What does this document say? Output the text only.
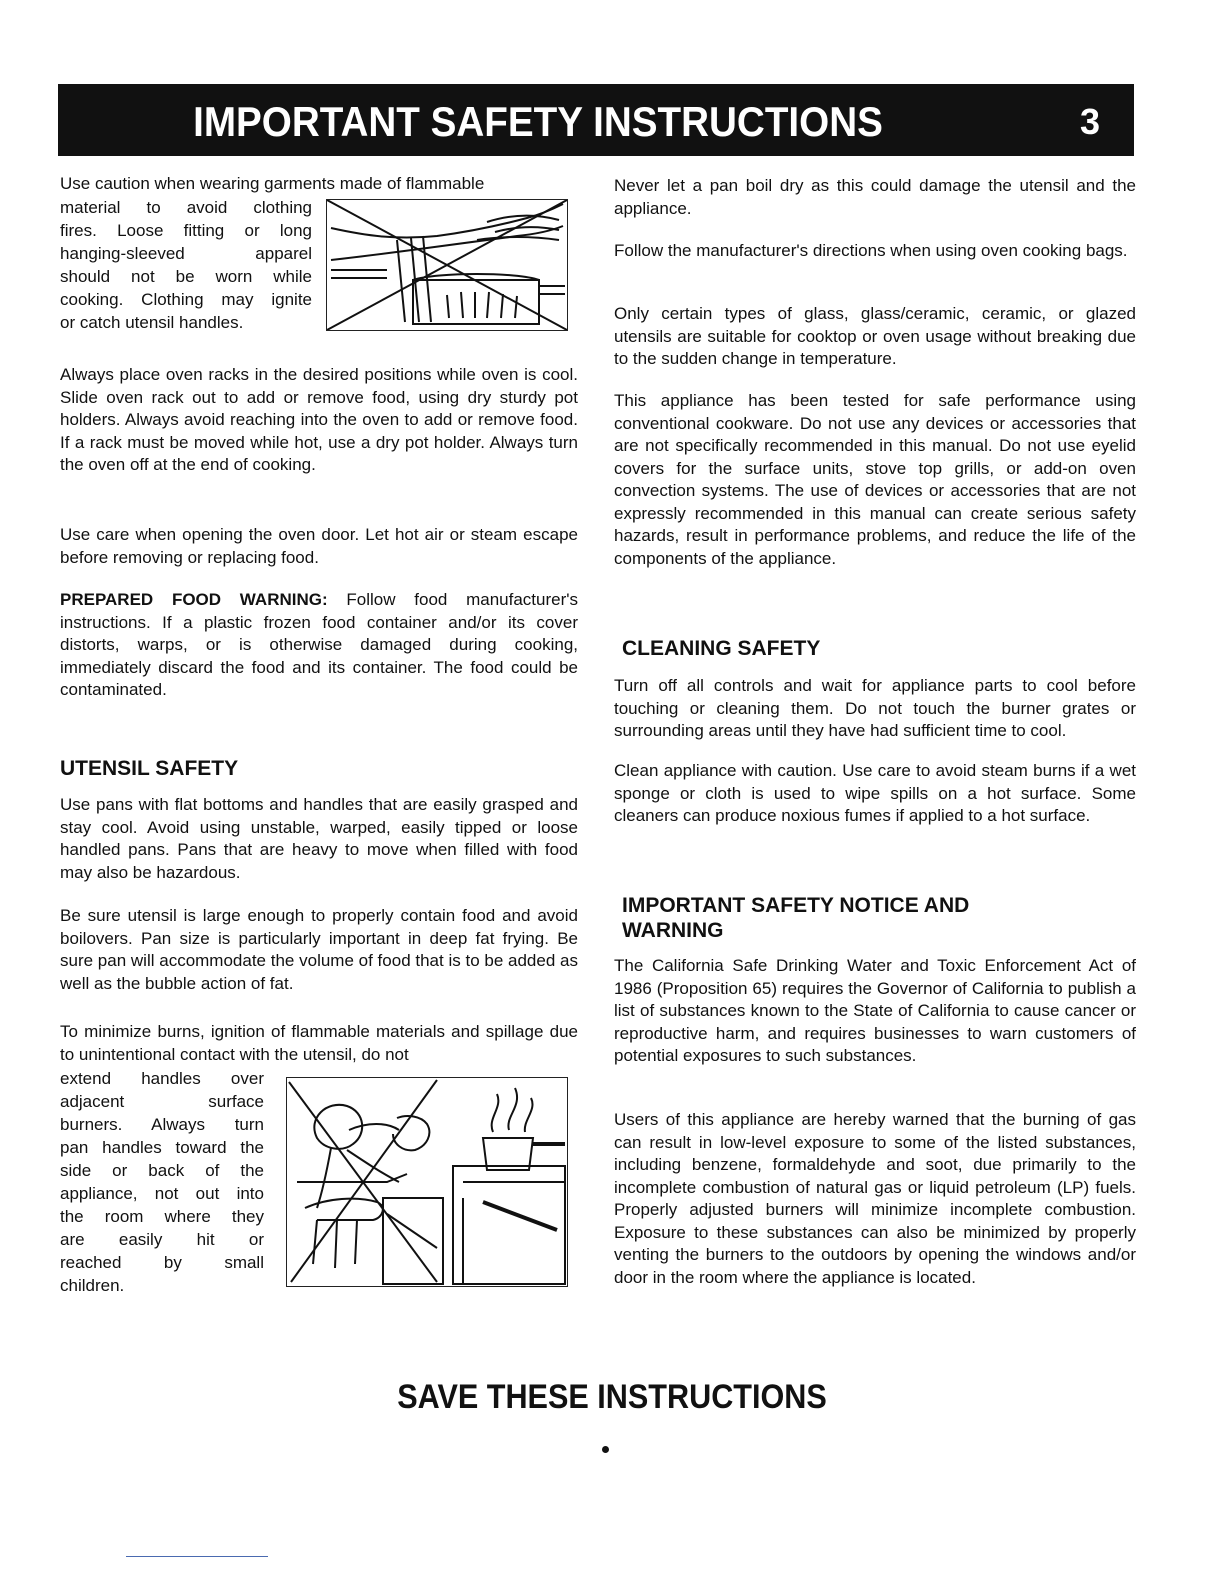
IMPORTANT SAFETY INSTRUCTIONS	3

Use caution when wearing garments made of flammable

material to avoid clothing

fires. Loose fitting or long

hanging-sleeved apparel

should not be worn while

cooking. Clothing may ignite

or catch utensil handles.

Always place oven racks in the desired positions while oven is cool. Slide oven rack out to add or remove food, using dry sturdy pot holders. Always avoid reaching into the oven to add or remove food. If a rack must be moved while hot, use a dry pot holder. Always turn the oven off at the end of cooking.

Use care when opening the oven door. Let hot air or steam escape before removing or replacing food.

PREPARED FOOD WARNING: Follow food manufacturer's instructions. If a plastic frozen food container and/or its cover distorts, warps, or is otherwise damaged during cooking, immediately discard the food and its container. The food could be contaminated.

UTENSIL SAFETY

Use pans with flat bottoms and handles that are easily grasped and stay cool. Avoid using unstable, warped, easily tipped or loose handled pans. Pans that are heavy to move when filled with food may also be hazardous.

Be sure utensil is large enough to properly contain food and avoid boilovers. Pan size is particularly important in deep fat frying. Be sure pan will accommodate the volume of food that is to be added as well as the bubble action of fat.

To minimize burns, ignition of flammable materials and spillage due to unintentional contact with the utensil, do not

extend handles over

adjacent surface

burners. Always turn

pan handles toward the

side or back of the

appliance, not out into

the room where they

are easily hit or

reached by small

children.

Never let a pan boil dry as this could damage the utensil and the appliance.

Follow the manufacturer's directions when using oven cooking bags.

Only certain types of glass, glass/ceramic, ceramic, or glazed utensils are suitable for cooktop or oven usage without breaking due to the sudden change in temperature.

This appliance has been tested for safe performance using conventional cookware. Do not use any devices or accessories that are not specifically recommended in this manual. Do not use eyelid covers for the surface units, stove top grills, or add-on oven convection systems. The use of devices or accessories that are not expressly recommended in this manual can create serious safety hazards, result in performance problems, and reduce the life of the components of the appliance.

CLEANING SAFETY

Turn off all controls and wait for appliance parts to cool before touching or cleaning them. Do not touch the burner grates or surrounding areas until they have had sufficient time to cool.

Clean appliance with caution. Use care to avoid steam burns if a wet sponge or cloth is used to wipe spills on a hot surface. Some cleaners can produce noxious fumes if applied to a hot surface.

IMPORTANT SAFETY NOTICE AND
WARNING

The California Safe Drinking Water and Toxic Enforcement Act of 1986 (Proposition 65) requires the Governor of California to publish a list of substances known to the State of California to cause cancer or reproductive harm, and requires businesses to warn customers of potential exposures to such substances.

Users of this appliance are hereby warned that the burning of gas can result in low-level exposure to some of the listed substances, including benzene, formaldehyde and soot, due primarily to the incomplete combustion of natural gas or liquid petroleum (LP) fuels. Properly adjusted burners will minimize incomplete combustion. Exposure to these substances can also be minimized by properly venting the burners to the outdoors by opening the windows and/or door in the room where the appliance is located.

SAVE THESE INSTRUCTIONS
